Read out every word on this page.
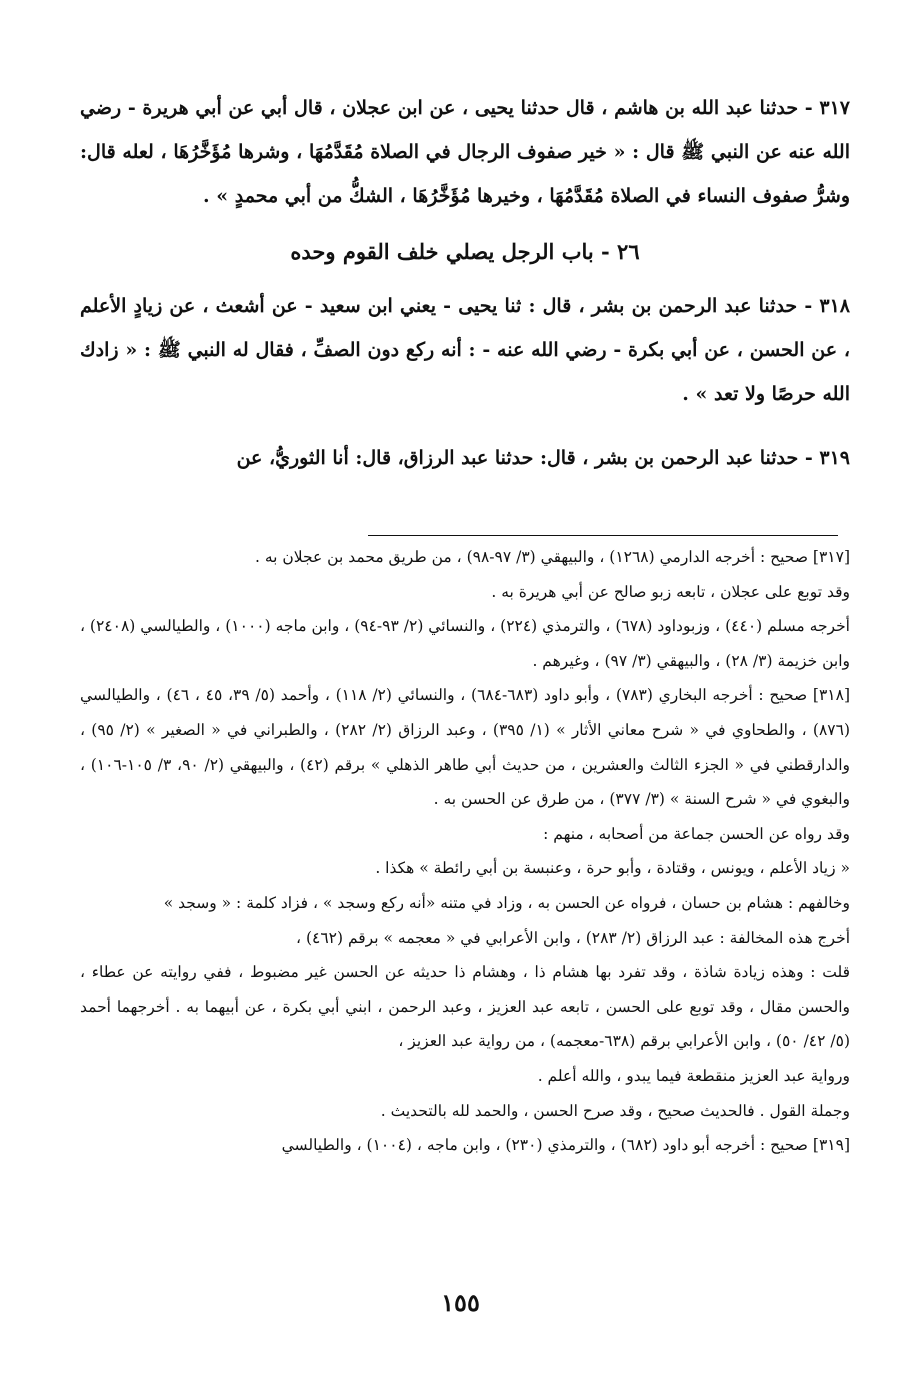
٣١٧ - حدثنا عبد الله بن هاشم ، قال حدثنا يحيى ، عن ابن عجلان ، قال أبي عن أبي هريرة - رضي الله عنه عن النبي ﷺ قال : « خير صفوف الرجال في الصلاة مُقَدَّمُهَا ، وشرها مُؤَخَّرُهَا ، لعله قال: وشرُّ صفوف النساء في الصلاة مُقَدَّمُهَا ، وخيرها مُؤَخَّرُهَا ، الشكُّ من أبي محمدٍ » .

٢٦ - باب الرجل يصلي خلف القوم وحده

٣١٨ - حدثنا عبد الرحمن بن بشر ، قال : ثنا يحيى - يعني ابن سعيد - عن أشعث ، عن زيادٍ الأعلم ، عن الحسن ، عن أبي بكرة - رضي الله عنه - : أنه ركع دون الصفِّ ، فقال له النبي ﷺ : « زادك الله حرصًا ولا تعد » .

٣١٩ - حدثنا عبد الرحمن بن بشر ، قال: حدثنا عبد الرزاق، قال: أنا الثوريُّ، عن

[٣١٧] صحيح : أخرجه الدارمي (١٢٦٨) ، والبيهقي (٣/ ٩٧-٩٨) ، من طريق محمد بن عجلان به .

وقد توبع على عجلان ، تابعه زبو صالح عن أبي هريرة به .

أخرجه مسلم (٤٤٠) ، وزبوداود (٦٧٨) ، والترمذي (٢٢٤) ، والنسائي (٢/ ٩٣-٩٤) ، وابن ماجه (١٠٠٠) ، والطيالسي (٢٤٠٨) ، وابن خزيمة (٣/ ٢٨) ، والبيهقي (٣/ ٩٧) ، وغيرهم .

[٣١٨] صحيح : أخرجه البخاري (٧٨٣) ، وأبو داود (٦٨٣-٦٨٤) ، والنسائي (٢/ ١١٨) ، وأحمد (٥/ ٣٩، ٤٥ ، ٤٦) ، والطيالسي (٨٧٦) ، والطحاوي في « شرح معاني الأثار » (١/ ٣٩٥) ، وعبد الرزاق (٢/ ٢٨٢) ، والطبراني في « الصغير » (٢/ ٩٥) ، والدارقطني في « الجزء الثالث والعشرين ، من حديث أبي طاهر الذهلي » برقم (٤٢) ، والبيهقي (٢/ ٩٠، ٣/ ١٠٥-١٠٦) ، والبغوي في « شرح السنة » (٣/ ٣٧٧) ، من طرق عن الحسن به .

وقد رواه عن الحسن جماعة من أصحابه ، منهم :

« زياد الأعلم ، ويونس ، وقتادة ، وأبو حرة ، وعنبسة بن أبي رائطة » هكذا .

وخالفهم : هشام بن حسان ، فرواه عن الحسن به ، وزاد في متنه «أنه ركع وسجد » ، فزاد كلمة : « وسجد »

أخرج هذه المخالفة : عبد الرزاق (٢/ ٢٨٣) ، وابن الأعرابي في « معجمه » برقم (٤٦٢) ،

قلت : وهذه زيادة شاذة ، وقد تفرد بها هشام ذا ، وهشام ذا حديثه عن الحسن غير مضبوط ، ففي روايته عن عطاء ، والحسن مقال ، وقد توبع على الحسن ، تابعه عبد العزيز ، وعبد الرحمن ، ابني أبي بكرة ، عن أبيهما به . أخرجهما أحمد (٥/ ٤٢/ ٥٠) ، وابن الأعرابي برقم (٦٣٨-معجمه) ، من رواية عبد العزيز ،

ورواية عبد العزيز منقطعة فيما يبدو ، والله أعلم .

وجملة القول . فالحديث صحيح ، وقد صرح الحسن ، والحمد لله بالتحديث .

[٣١٩] صحيح : أخرجه أبو داود (٦٨٢) ، والترمذي (٢٣٠) ، وابن ماجه ، (١٠٠٤) ، والطيالسي

١٥٥
